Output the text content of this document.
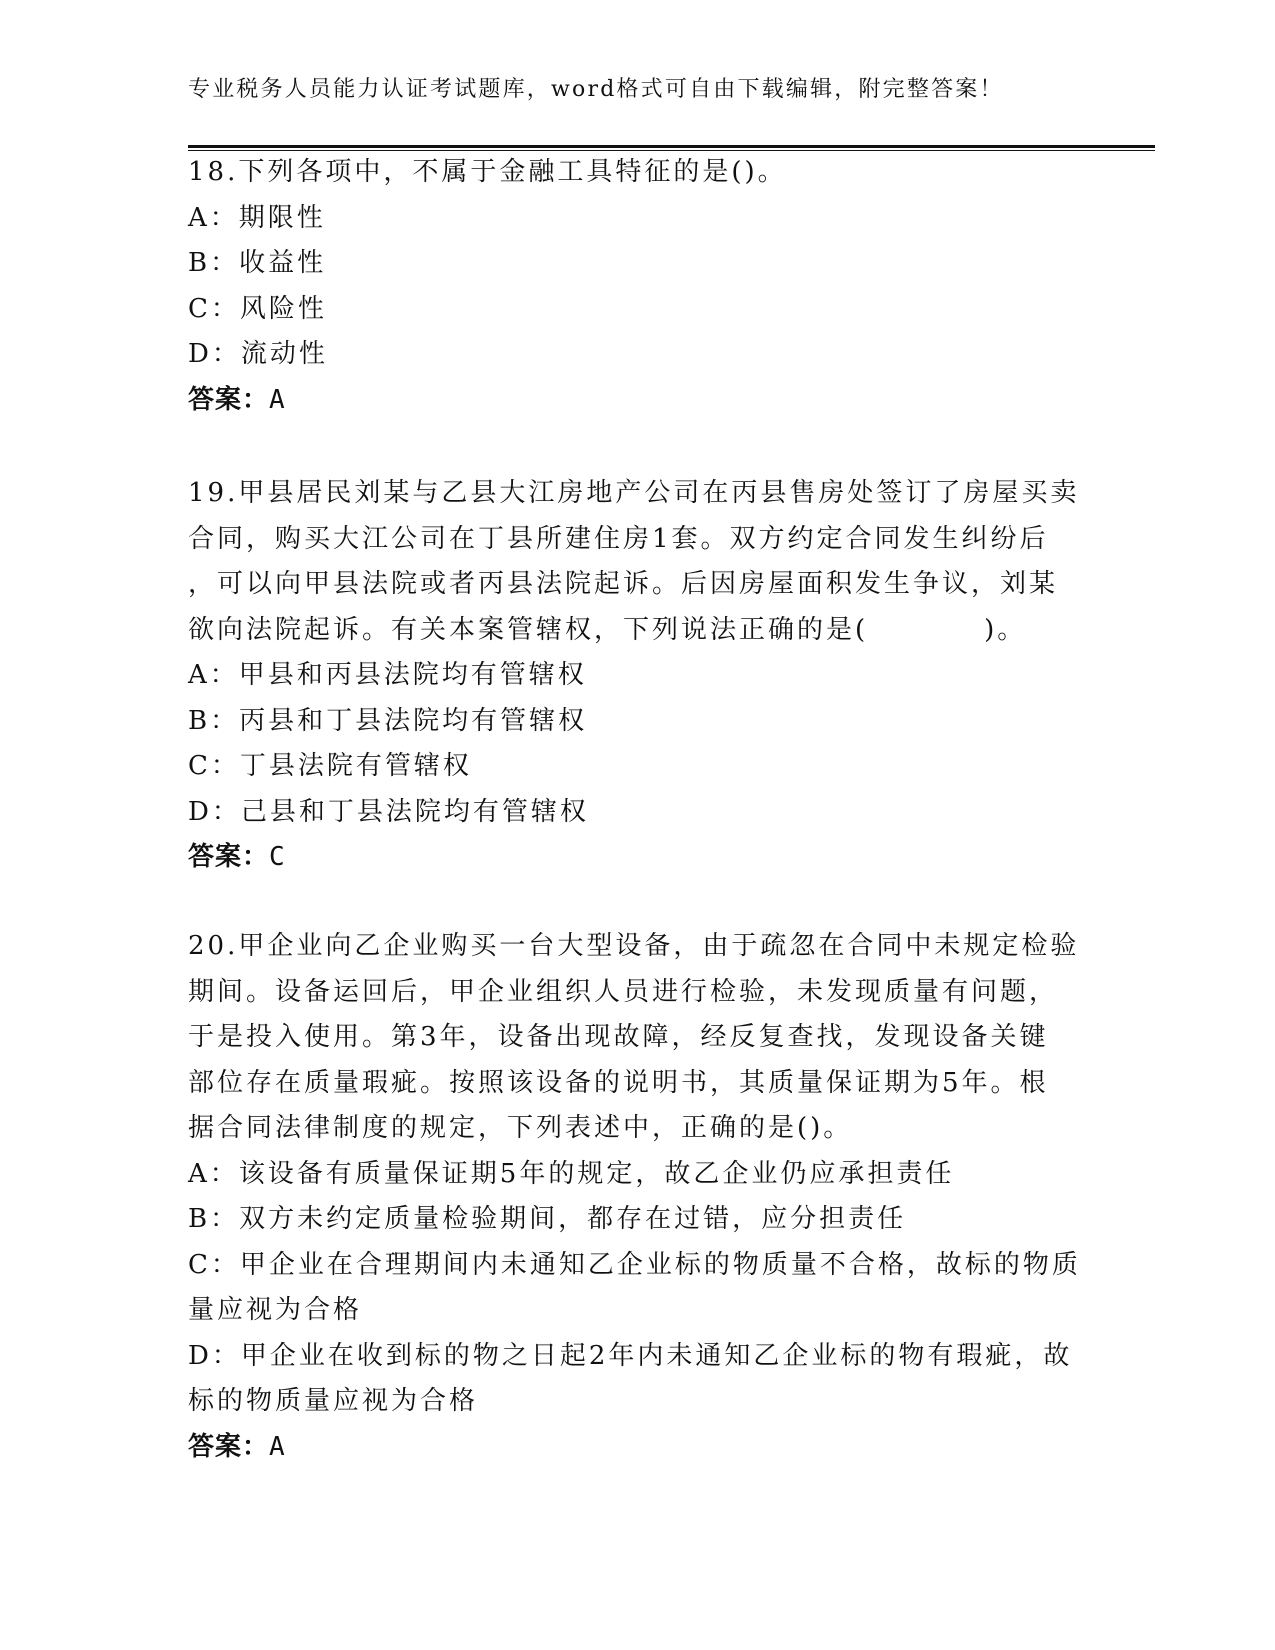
专业税务人员能力认证考试题库，word格式可自由下载编辑，附完整答案！

18.下列各项中，不属于金融工具特征的是()。

A：期限性

B：收益性

C：风险性

D：流动性

答案：A

19.甲县居民刘某与乙县大江房地产公司在丙县售房处签订了房屋买卖

合同，购买大江公司在丁县所建住房1套。双方约定合同发生纠纷后

，可以向甲县法院或者丙县法院起诉。后因房屋面积发生争议，刘某

欲向法院起诉。有关本案管辖权，下列说法正确的是(　　　　)。

A：甲县和丙县法院均有管辖权

B：丙县和丁县法院均有管辖权

C：丁县法院有管辖权

D：己县和丁县法院均有管辖权

答案：C

20.甲企业向乙企业购买一台大型设备，由于疏忽在合同中未规定检验

期间。设备运回后，甲企业组织人员进行检验，未发现质量有问题，

于是投入使用。第3年，设备出现故障，经反复查找，发现设备关键

部位存在质量瑕疵。按照该设备的说明书，其质量保证期为5年。根

据合同法律制度的规定，下列表述中，正确的是()。

A：该设备有质量保证期5年的规定，故乙企业仍应承担责任

B：双方未约定质量检验期间，都存在过错，应分担责任

C：甲企业在合理期间内未通知乙企业标的物质量不合格，故标的物质

量应视为合格

D：甲企业在收到标的物之日起2年内未通知乙企业标的物有瑕疵，故

标的物质量应视为合格

答案：A
